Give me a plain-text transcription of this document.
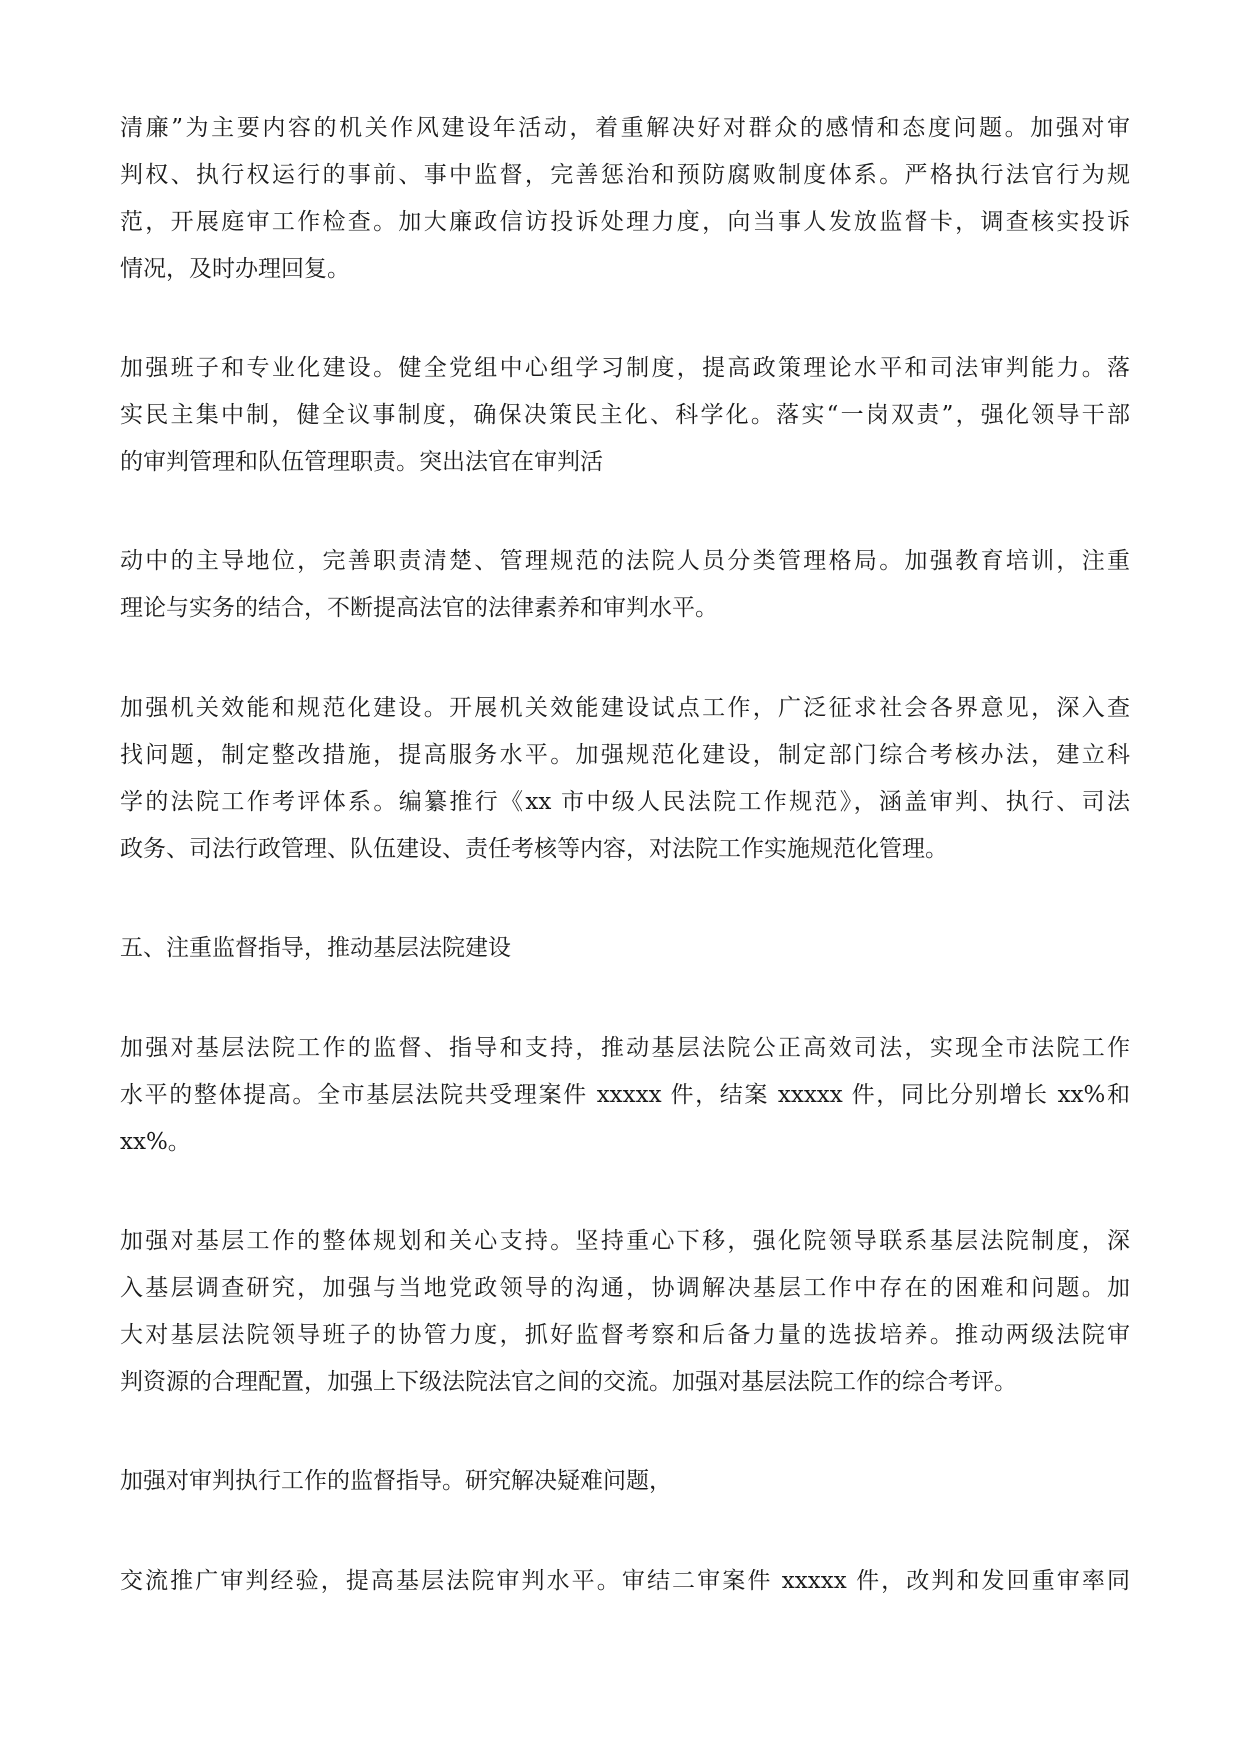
清廉”为主要内容的机关作风建设年活动，着重解决好对群众的感情和态度问题。加强对审
判权、执行权运行的事前、事中监督，完善惩治和预防腐败制度体系。严格执行法官行为规
范，开展庭审工作检查。加大廉政信访投诉处理力度，向当事人发放监督卡，调查核实投诉
情况，及时办理回复。
加强班子和专业化建设。健全党组中心组学习制度，提高政策理论水平和司法审判能力。落
实民主集中制，健全议事制度，确保决策民主化、科学化。落实“一岗双责”，强化领导干部
的审判管理和队伍管理职责。突出法官在审判活
动中的主导地位，完善职责清楚、管理规范的法院人员分类管理格局。加强教育培训，注重
理论与实务的结合，不断提高法官的法律素养和审判水平。
加强机关效能和规范化建设。开展机关效能建设试点工作，广泛征求社会各界意见，深入查
找问题，制定整改措施，提高服务水平。加强规范化建设，制定部门综合考核办法，建立科
学的法院工作考评体系。编纂推行《xx 市中级人民法院工作规范》，涵盖审判、执行、司法
政务、司法行政管理、队伍建设、责任考核等内容，对法院工作实施规范化管理。
五、注重监督指导，推动基层法院建设
加强对基层法院工作的监督、指导和支持，推动基层法院公正高效司法，实现全市法院工作
水平的整体提高。全市基层法院共受理案件 xxxxx 件，结案 xxxxx 件，同比分别增长 xx%和
xx%。
加强对基层工作的整体规划和关心支持。坚持重心下移，强化院领导联系基层法院制度，深
入基层调查研究，加强与当地党政领导的沟通，协调解决基层工作中存在的困难和问题。加
大对基层法院领导班子的协管力度，抓好监督考察和后备力量的选拔培养。推动两级法院审
判资源的合理配置，加强上下级法院法官之间的交流。加强对基层法院工作的综合考评。
加强对审判执行工作的监督指导。研究解决疑难问题，
交流推广审判经验，提高基层法院审判水平。审结二审案件 xxxxx 件，改判和发回重审率同
